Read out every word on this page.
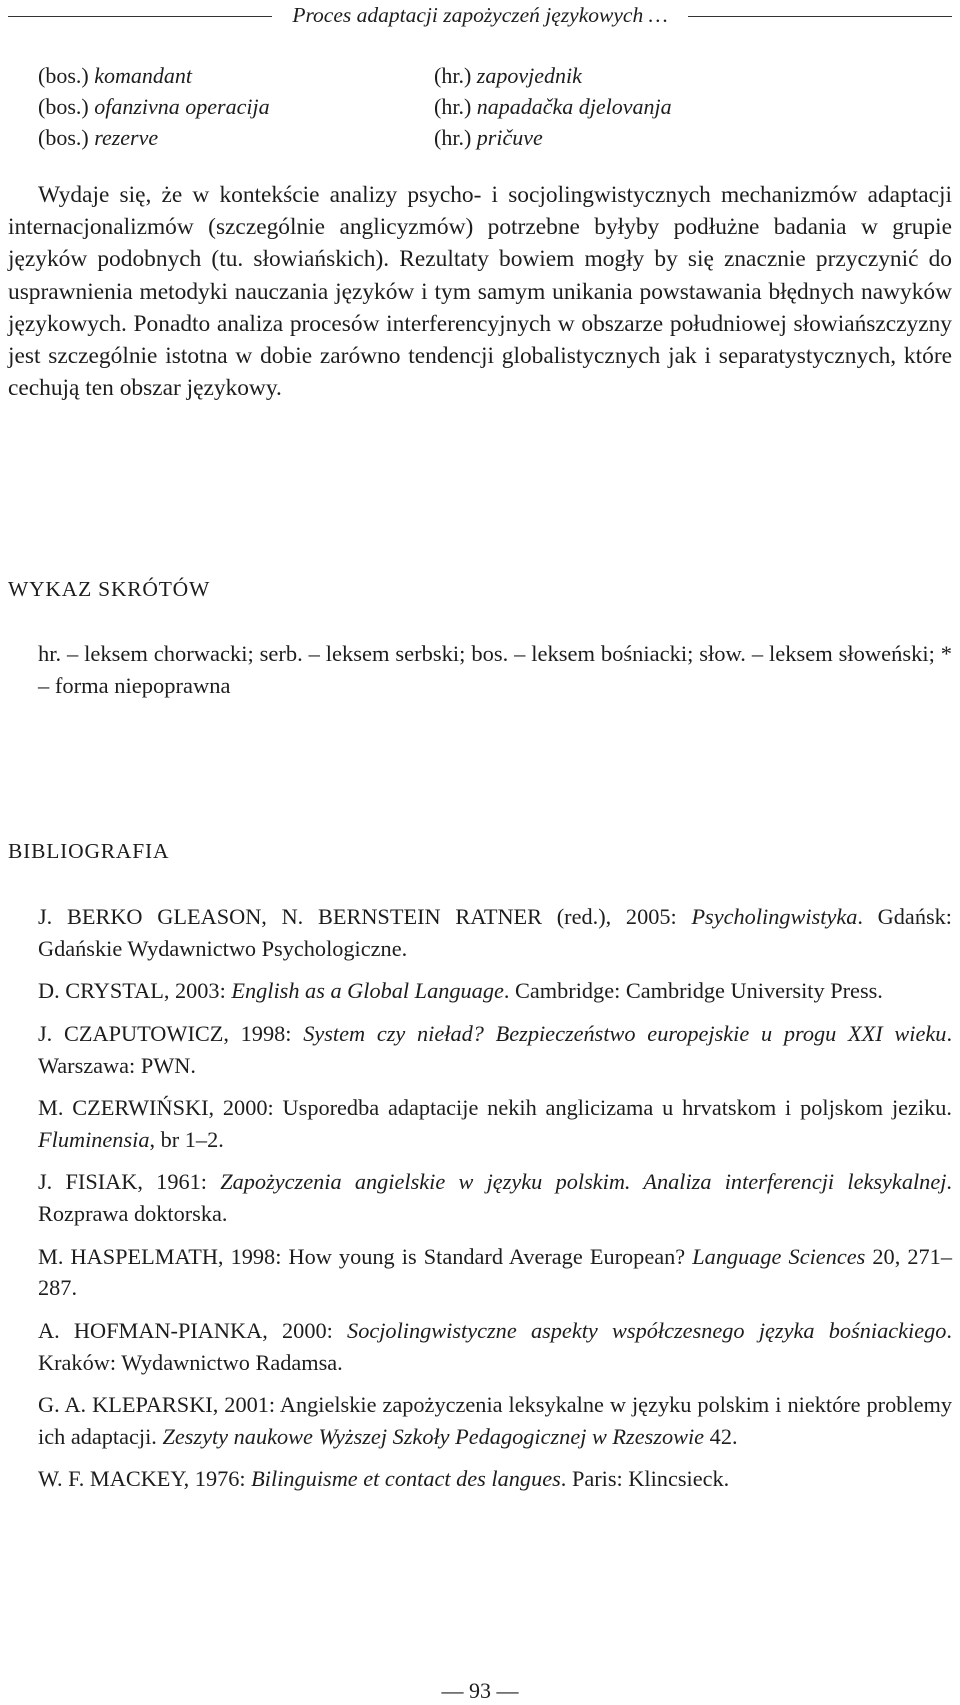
Proces adaptacji zapożyczeń językowych …
(bos.) komandant	(hr.) zapovjednik
(bos.) ofanzivna operacija	(hr.) napadačka djelovanja
(bos.) rezerve	(hr.) pričuve

Wydaje się, że w kontekście analizy psycho- i socjolingwistycznych mechanizmów adaptacji internacjonalizmów (szczególnie anglicyzmów) potrzebne byłyby podłużne badania w grupie języków podobnych (tu. słowiańskich). Rezultaty bowiem mogły by się znacznie przyczynić do usprawnienia metodyki nauczania języków i tym samym unikania powstawania błędnych nawyków językowych. Ponadto analiza procesów interferencyjnych w obszarze południowej słowiańszczyzny jest szczególnie istotna w dobie zarówno tendencji globalistycznych jak i separatystycznych, które cechują ten obszar językowy.

WYKAZ SKRÓTÓW

hr. – leksem chorwacki; serb. – leksem serbski; bos. – leksem bośniacki; słow. – leksem słoweński; * – forma niepoprawna

BIBLIOGRAFIA
J. BERKO GLEASON, N. BERNSTEIN RATNER (red.), 2005: Psycholingwistyka. Gdańsk: Gdańskie Wydawnictwo Psychologiczne.
D. CRYSTAL, 2003: English as a Global Language. Cambridge: Cambridge University Press.
J. CZAPUTOWICZ, 1998: System czy nieład? Bezpieczeństwo europejskie u progu XXI wieku. Warszawa: PWN.
M. CZERWIŃSKI, 2000: Usporedba adaptacije nekih anglicizama u hrvatskom i poljskom jeziku. Fluminensia, br 1–2.
J. FISIAK, 1961: Zapożyczenia angielskie w języku polskim. Analiza interferencji leksykalnej. Rozprawa doktorska.
M. HASPELMATH, 1998: How young is Standard Average European? Language Sciences 20, 271–287.
A. HOFMAN-PIANKA, 2000: Socjolingwistyczne aspekty współczesnego języka bośniackiego. Kraków: Wydawnictwo Radamsa.
G. A. KLEPARSKI, 2001: Angielskie zapożyczenia leksykalne w języku polskim i niektóre problemy ich adaptacji. Zeszyty naukowe Wyższej Szkoły Pedagogicznej w Rzeszowie 42.
W. F. MACKEY, 1976: Bilinguisme et contact des langues. Paris: Klincsieck.
— 93 —
